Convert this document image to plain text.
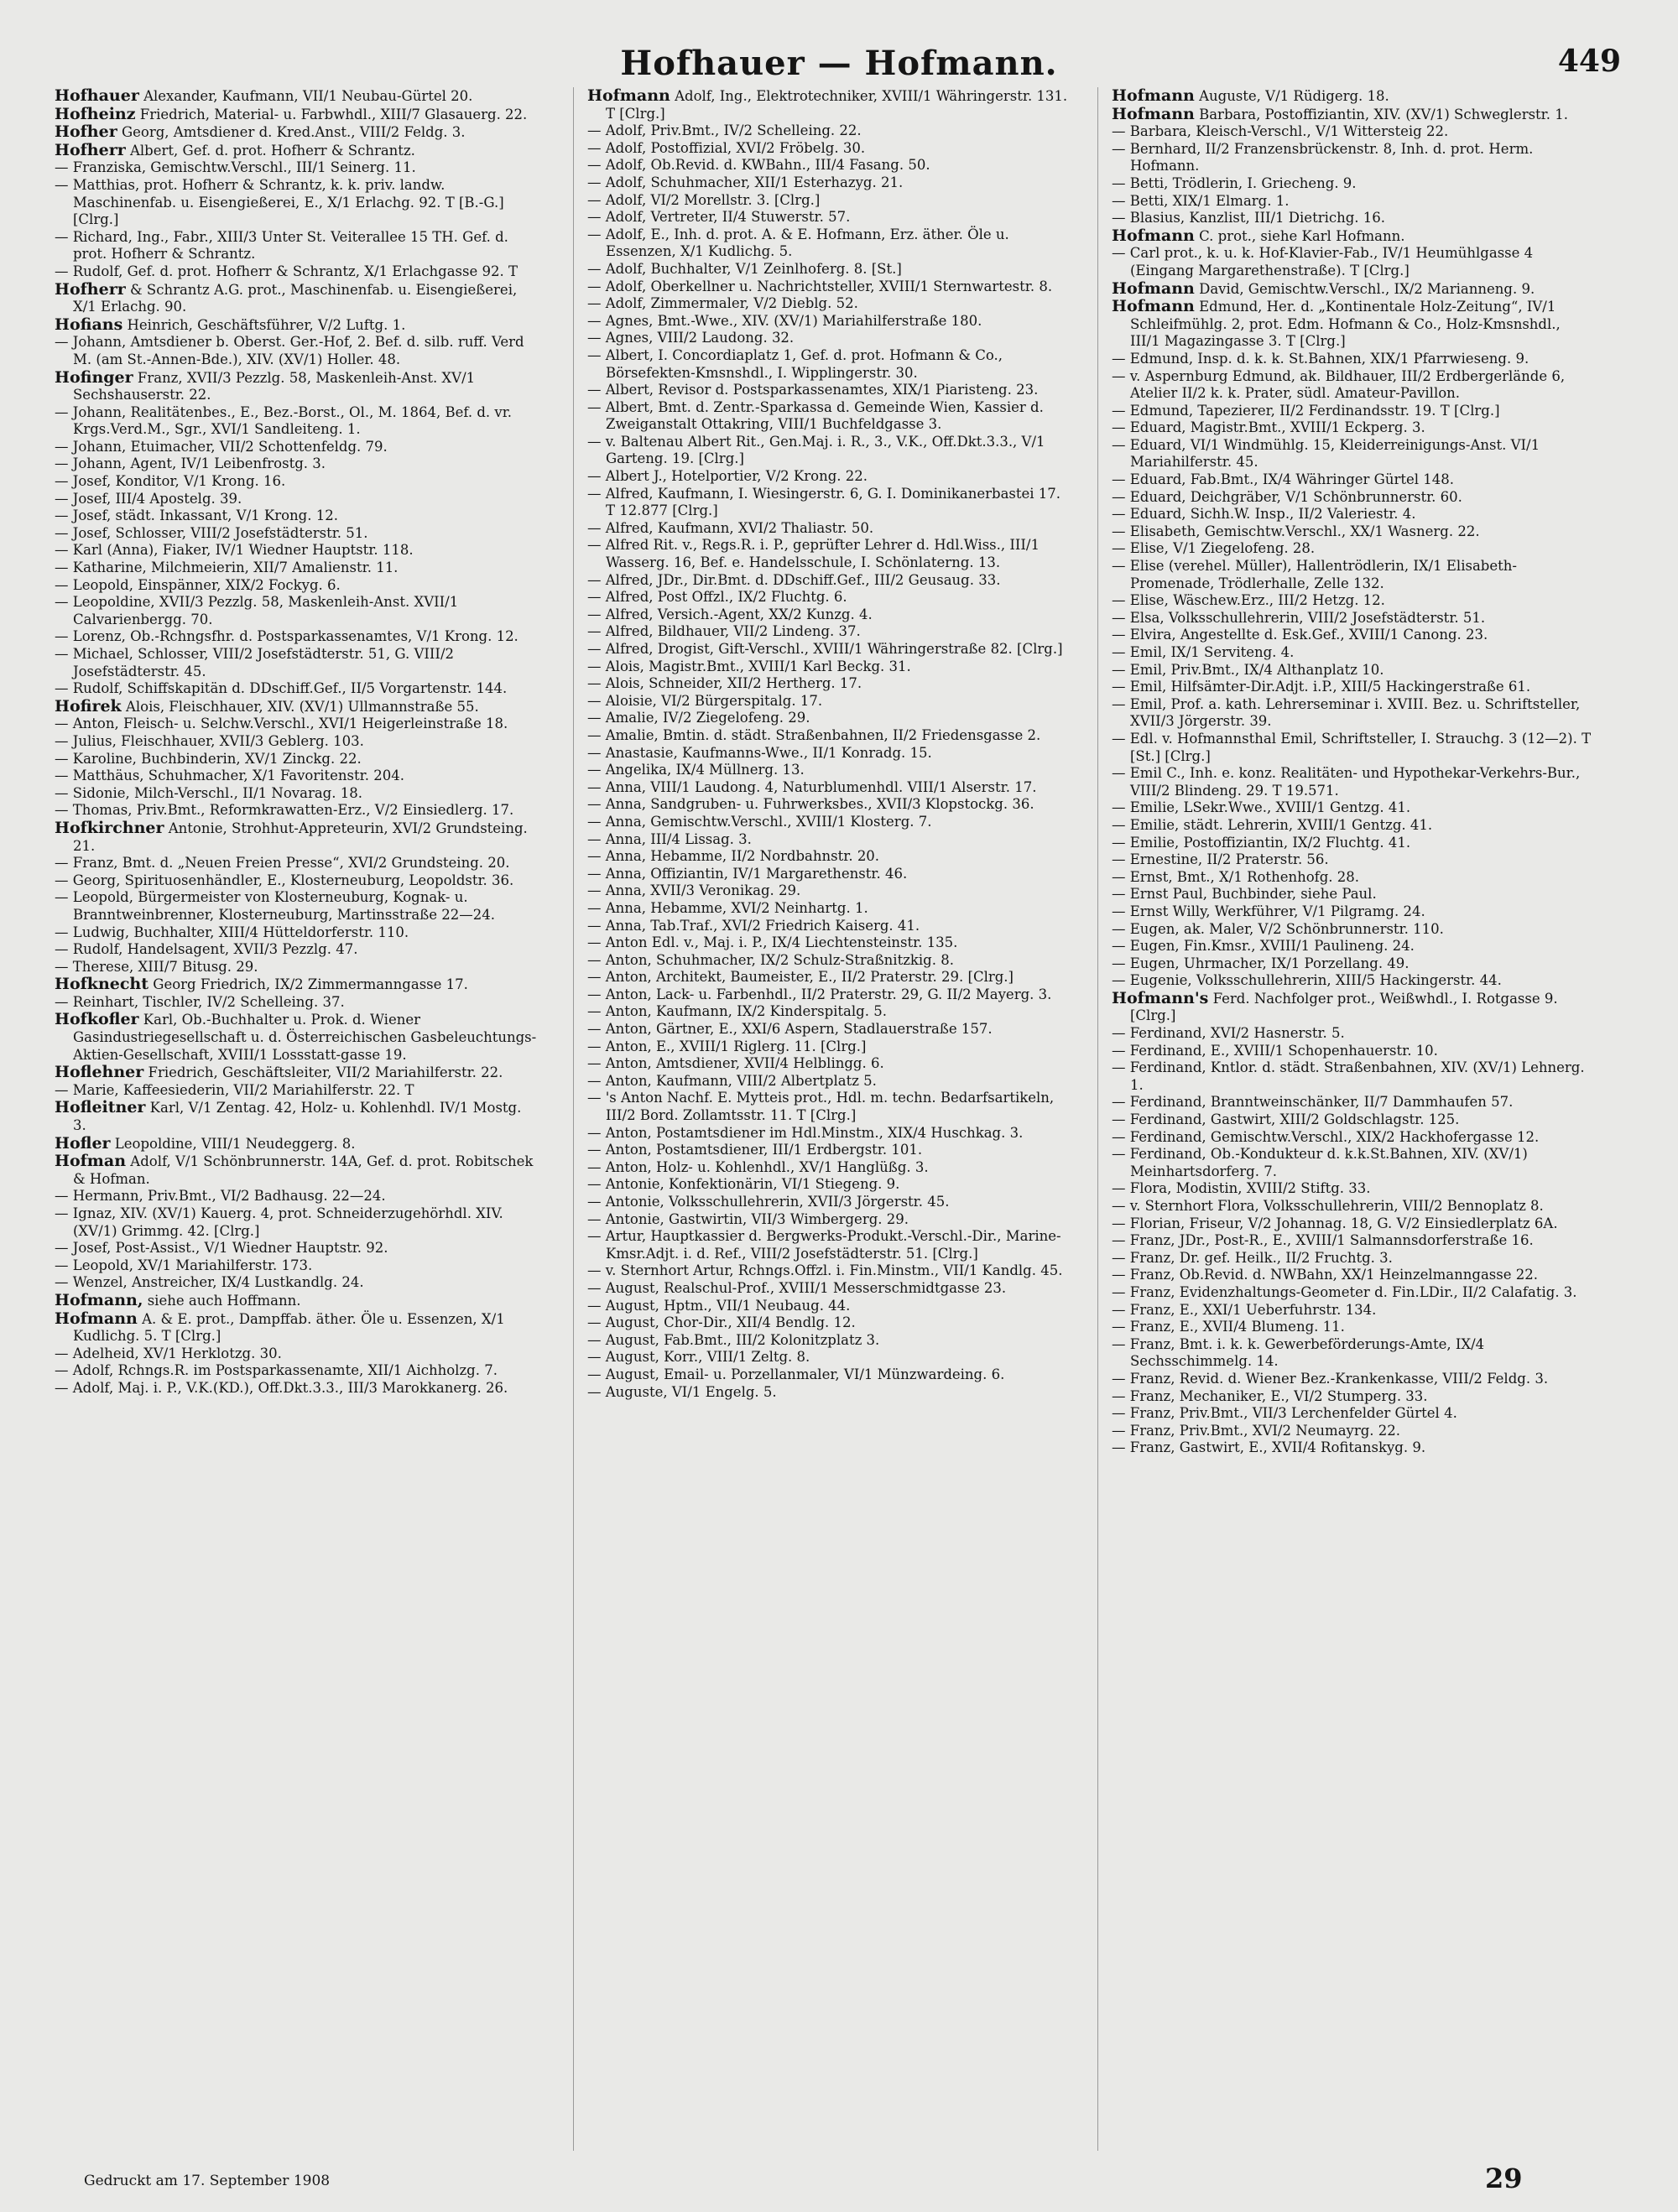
Hofhauer — Hofmann.	449

Hofhauer Alexander, Kaufmann, VII/1 Neubau-Gürtel 20.

Hofheinz Friedrich, Material- u. Farbwhdl., XIII/7 Glasauerg. 22.

Hofher Georg, Amtsdiener d. Kred.Anst., VIII/2 Feldg. 3.

Hofherr Albert, Gef. d. prot. Hofherr & Schrantz.

— Franziska, Gemischtw.Verschl., III/1 Seinerg. 11.

— Matthias, prot. Hofherr & Schrantz, k. k. priv. landw. Maschinenfab. u. Eisengießerei, E., X/1 Erlachg. 92. T [B.-G.] [Clrg.]

— Richard, Ing., Fabr., XIII/3 Unter St. Veiterallee 15 TH. Gef. d. prot. Hofherr & Schrantz.

— Rudolf, Gef. d. prot. Hofherr & Schrantz, X/1 Erlachgasse 92. T

Hofherr & Schrantz A.G. prot., Maschinenfab. u. Eisengießerei, X/1 Erlachg. 90.

Hofians Heinrich, Geschäftsführer, V/2 Luftg. 1.

— Johann, Amtsdiener b. Oberst. Ger.-Hof, 2. Bef. d. silb. ruff. Verd M. (am St.-Annen-Bde.), XIV. (XV/1) Holler. 48.

Hofinger Franz, XVII/3 Pezzlg. 58, Maskenleih-Anst. XV/1 Sechshauserstr. 22.

— Johann, Realitätenbes., E., Bez.-Borst., Ol., M. 1864, Bef. d. vr. Krgs.Verd.M., Sgr., XVI/1 Sandleiteng. 1.

— Johann, Etuimacher, VII/2 Schottenfeldg. 79.

— Johann, Agent, IV/1 Leibenfrostg. 3.

— Josef, Konditor, V/1 Krong. 16.

— Josef, III/4 Apostelg. 39.

— Josef, städt. Inkassant, V/1 Krong. 12.

— Josef, Schlosser, VIII/2 Josefstädterstr. 51.

— Karl (Anna), Fiaker, IV/1 Wiedner Hauptstr. 118.

— Katharine, Milchmeierin, XII/7 Amalienstr. 11.

— Leopold, Einspänner, XIX/2 Fockyg. 6.

— Leopoldine, XVII/3 Pezzlg. 58, Maskenleih-Anst. XVII/1 Calvarienbergg. 70.

— Lorenz, Ob.-Rchngsfhr. d. Postsparkassenamtes, V/1 Krong. 12.

— Michael, Schlosser, VIII/2 Josefstädterstr. 51, G. VIII/2 Josefstädterstr. 45.

— Rudolf, Schiffskapitän d. DDschiff.Gef., II/5 Vorgartenstr. 144.

Hofirek Alois, Fleischhauer, XIV. (XV/1) Ullmannstraße 55.

— Anton, Fleisch- u. Selchw.Verschl., XVI/1 Heigerleinstraße 18.

— Julius, Fleischhauer, XVII/3 Geblerg. 103.

— Karoline, Buchbinderin, XV/1 Zinckg. 22.

— Matthäus, Schuhmacher, X/1 Favoritenstr. 204.

— Sidonie, Milch-Verschl., II/1 Novarag. 18.

— Thomas, Priv.Bmt., Reformkrawatten-Erz., V/2 Einsiedlerg. 17.

Hofkirchner Antonie, Strohhut-Appreteurin, XVI/2 Grundsteing. 21.

— Franz, Bmt. d. „Neuen Freien Presse“, XVI/2 Grundsteing. 20.

— Georg, Spirituosenhändler, E., Klosterneuburg, Leopoldstr. 36.

— Leopold, Bürgermeister von Klosterneuburg, Kognak- u. Branntweinbrenner, Klosterneuburg, Martinsstraße 22—24.

— Ludwig, Buchhalter, XIII/4 Hütteldorferstr. 110.

— Rudolf, Handelsagent, XVII/3 Pezzlg. 47.

— Therese, XIII/7 Bitusg. 29.

Hofknecht Georg Friedrich, IX/2 Zimmermanngasse 17.

— Reinhart, Tischler, IV/2 Schelleing. 37.

Hofkofler Karl, Ob.-Buchhalter u. Prok. d. Wiener Gasindustriegesellschaft u. d. Österreichischen Gasbeleuchtungs-Aktien-Gesellschaft, XVIII/1 Lossstatt-gasse 19.

Hoflehner Friedrich, Geschäftsleiter, VII/2 Mariahilferstr. 22.

— Marie, Kaffeesiederin, VII/2 Mariahilferstr. 22. T

Hofleitner Karl, V/1 Zentag. 42, Holz- u. Kohlenhdl. IV/1 Mostg. 3.

Hofler Leopoldine, VIII/1 Neudeggerg. 8.

Hofman Adolf, V/1 Schönbrunnerstr. 14A, Gef. d. prot. Robitschek & Hofman.

— Hermann, Priv.Bmt., VI/2 Badhausg. 22—24.

— Ignaz, XIV. (XV/1) Kauerg. 4, prot. Schneiderzugehörhdl. XIV. (XV/1) Grimmg. 42. [Clrg.]

— Josef, Post-Assist., V/1 Wiedner Hauptstr. 92.

— Leopold, XV/1 Mariahilferstr. 173.

— Wenzel, Anstreicher, IX/4 Lustkandlg. 24.

Hofmann, siehe auch Hoffmann.

Hofmann A. & E. prot., Dampffab. äther. Öle u. Essenzen, X/1 Kudlichg. 5. T [Clrg.]

— Adelheid, XV/1 Herklotzg. 30.

— Adolf, Rchngs.R. im Postsparkassenamte, XII/1 Aichholzg. 7.

— Adolf, Maj. i. P., V.K.(KD.), Off.Dkt.3.3., III/3 Marokkanerg. 26.

Hofmann Adolf, Ing., Elektrotechniker, XVIII/1 Währingerstr. 131. T [Clrg.]

— Adolf, Priv.Bmt., IV/2 Schelleing. 22.

— Adolf, Postoffizial, XVI/2 Fröbelg. 30.

— Adolf, Ob.Revid. d. KWBahn., III/4 Fasang. 50.

— Adolf, Schuhmacher, XII/1 Esterhazyg. 21.

— Adolf, VI/2 Morellstr. 3. [Clrg.]

— Adolf, Vertreter, II/4 Stuwerstr. 57.

— Adolf, E., Inh. d. prot. A. & E. Hofmann, Erz. äther. Öle u. Essenzen, X/1 Kudlichg. 5.

— Adolf, Buchhalter, V/1 Zeinlhoferg. 8. [St.]

— Adolf, Oberkellner u. Nachrichtsteller, XVIII/1 Sternwartestr. 8.

— Adolf, Zimmermaler, V/2 Dieblg. 52.

— Agnes, Bmt.-Wwe., XIV. (XV/1) Mariahilferstraße 180.

— Agnes, VIII/2 Laudong. 32.

— Albert, I. Concordiaplatz 1, Gef. d. prot. Hofmann & Co., Börsefekten-Kmsnshdl., I. Wipplingerstr. 30.

— Albert, Revisor d. Postsparkassenamtes, XIX/1 Piaristeng. 23.

— Albert, Bmt. d. Zentr.-Sparkassa d. Gemeinde Wien, Kassier d. Zweiganstalt Ottakring, VIII/1 Buchfeldgasse 3.

— v. Baltenau Albert Rit., Gen.Maj. i. R., 3., V.K., Off.Dkt.3.3., V/1 Garteng. 19. [Clrg.]

— Albert J., Hotelportier, V/2 Krong. 22.

— Alfred, Kaufmann, I. Wiesingerstr. 6, G. I. Dominikanerbastei 17. T 12.877 [Clrg.]

— Alfred, Kaufmann, XVI/2 Thaliastr. 50.

— Alfred Rit. v., Regs.R. i. P., geprüfter Lehrer d. Hdl.Wiss., III/1 Wasserg. 16, Bef. e. Handelsschule, I. Schönlaterng. 13.

— Alfred, JDr., Dir.Bmt. d. DDschiff.Gef., III/2 Geusaug. 33.

— Alfred, Post Offzl., IX/2 Fluchtg. 6.

— Alfred, Versich.-Agent, XX/2 Kunzg. 4.

— Alfred, Bildhauer, VII/2 Lindeng. 37.

— Alfred, Drogist, Gift-Verschl., XVIII/1 Währingerstraße 82. [Clrg.]

— Alois, Magistr.Bmt., XVIII/1 Karl Beckg. 31.

— Alois, Schneider, XII/2 Hertherg. 17.

— Aloisie, VI/2 Bürgerspitalg. 17.

— Amalie, IV/2 Ziegelofeng. 29.

— Amalie, Bmtin. d. städt. Straßenbahnen, II/2 Friedensgasse 2.

— Anastasie, Kaufmanns-Wwe., II/1 Konradg. 15.

— Angelika, IX/4 Müllnerg. 13.

— Anna, VIII/1 Laudong. 4, Naturblumenhdl. VIII/1 Alserstr. 17.

— Anna, Sandgruben- u. Fuhrwerksbes., XVII/3 Klopstockg. 36.

— Anna, Gemischtw.Verschl., XVIII/1 Klosterg. 7.

— Anna, III/4 Lissag. 3.

— Anna, Hebamme, II/2 Nordbahnstr. 20.

— Anna, Offiziantin, IV/1 Margarethenstr. 46.

— Anna, XVII/3 Veronikag. 29.

— Anna, Hebamme, XVI/2 Neinhartg. 1.

— Anna, Tab.Traf., XVI/2 Friedrich Kaiserg. 41.

— Anton Edl. v., Maj. i. P., IX/4 Liechtensteinstr. 135.

— Anton, Schuhmacher, IX/2 Schulz-Straßnitzkig. 8.

— Anton, Architekt, Baumeister, E., II/2 Praterstr. 29. [Clrg.]

— Anton, Lack- u. Farbenhdl., II/2 Praterstr. 29, G. II/2 Mayerg. 3.

— Anton, Kaufmann, IX/2 Kinderspitalg. 5.

— Anton, Gärtner, E., XXI/6 Aspern, Stadlauerstraße 157.

— Anton, E., XVIII/1 Riglerg. 11. [Clrg.]

— Anton, Amtsdiener, XVII/4 Helblingg. 6.

— Anton, Kaufmann, VIII/2 Albertplatz 5.

— 's Anton Nachf. E. Mytteis prot., Hdl. m. techn. Bedarfsartikeln, III/2 Bord. Zollamtsstr. 11. T [Clrg.]

— Anton, Postamtsdiener im Hdl.Minstm., XIX/4 Huschkag. 3.

— Anton, Postamtsdiener, III/1 Erdbergstr. 101.

— Anton, Holz- u. Kohlenhdl., XV/1 Hanglüßg. 3.

— Antonie, Konfektionärin, VI/1 Stiegeng. 9.

— Antonie, Volksschullehrerin, XVII/3 Jörgerstr. 45.

— Antonie, Gastwirtin, VII/3 Wimbergerg. 29.

— Artur, Hauptkassier d. Bergwerks-Produkt.-Verschl.-Dir., Marine-Kmsr.Adjt. i. d. Ref., VIII/2 Josefstädterstr. 51. [Clrg.]

— v. Sternhort Artur, Rchngs.Offzl. i. Fin.Minstm., VII/1 Kandlg. 45.

— August, Realschul-Prof., XVIII/1 Messerschmidtgasse 23.

— August, Hptm., VII/1 Neubaug. 44.

— August, Chor-Dir., XII/4 Bendlg. 12.

— August, Fab.Bmt., III/2 Kolonitzplatz 3.

— August, Korr., VIII/1 Zeltg. 8.

— August, Email- u. Porzellanmaler, VI/1 Münzwardeing. 6.

— Auguste, VI/1 Engelg. 5.

Hofmann Auguste, V/1 Rüdigerg. 18.

Hofmann Barbara, Postoffiziantin, XIV. (XV/1) Schweglerstr. 1.

— Barbara, Kleisch-Verschl., V/1 Wittersteig 22.

— Bernhard, II/2 Franzensbrückenstr. 8, Inh. d. prot. Herm. Hofmann.

— Betti, Trödlerin, I. Griecheng. 9.

— Betti, XIX/1 Elmarg. 1.

— Blasius, Kanzlist, III/1 Dietrichg. 16.

Hofmann C. prot., siehe Karl Hofmann.

— Carl prot., k. u. k. Hof-Klavier-Fab., IV/1 Heumühlgasse 4 (Eingang Margarethenstraße). T [Clrg.]

Hofmann David, Gemischtw.Verschl., IX/2 Marianneng. 9.

Hofmann Edmund, Her. d. „Kontinentale Holz-Zeitung“, IV/1 Schleifmühlg. 2, prot. Edm. Hofmann & Co., Holz-Kmsnshdl., III/1 Magazingasse 3. T [Clrg.]

— Edmund, Insp. d. k. k. St.Bahnen, XIX/1 Pfarrwieseng. 9.

— v. Aspernburg Edmund, ak. Bildhauer, III/2 Erdbergerlände 6, Atelier II/2 k. k. Prater, südl. Amateur-Pavillon.

— Edmund, Tapezierer, II/2 Ferdinandsstr. 19. T [Clrg.]

— Eduard, Magistr.Bmt., XVIII/1 Eckperg. 3.

— Eduard, VI/1 Windmühlg. 15, Kleiderreinigungs-Anst. VI/1 Mariahilferstr. 45.

— Eduard, Fab.Bmt., IX/4 Währinger Gürtel 148.

— Eduard, Deichgräber, V/1 Schönbrunnerstr. 60.

— Eduard, Sichh.W. Insp., II/2 Valeriestr. 4.

— Elisabeth, Gemischtw.Verschl., XX/1 Wasnerg. 22.

— Elise, V/1 Ziegelofeng. 28.

— Elise (verehel. Müller), Hallentrödlerin, IX/1 Elisabeth-Promenade, Trödlerhalle, Zelle 132.

— Elise, Wäschew.Erz., III/2 Hetzg. 12.

— Elsa, Volksschullehrerin, VIII/2 Josefstädterstr. 51.

— Elvira, Angestellte d. Esk.Gef., XVIII/1 Canong. 23.

— Emil, IX/1 Serviteng. 4.

— Emil, Priv.Bmt., IX/4 Althanplatz 10.

— Emil, Hilfsämter-Dir.Adjt. i.P., XIII/5 Hackingerstraße 61.

— Emil, Prof. a. kath. Lehrerseminar i. XVIII. Bez. u. Schriftsteller, XVII/3 Jörgerstr. 39.

— Edl. v. Hofmannsthal Emil, Schriftsteller, I. Strauchg. 3 (12—2). T [St.] [Clrg.]

— Emil C., Inh. e. konz. Realitäten- und Hypothekar-Verkehrs-Bur., VIII/2 Blindeng. 29. T 19.571.

— Emilie, LSekr.Wwe., XVIII/1 Gentzg. 41.

— Emilie, städt. Lehrerin, XVIII/1 Gentzg. 41.

— Emilie, Postoffiziantin, IX/2 Fluchtg. 41.

— Ernestine, II/2 Praterstr. 56.

— Ernst, Bmt., X/1 Rothenhofg. 28.

— Ernst Paul, Buchbinder, siehe Paul.

— Ernst Willy, Werkführer, V/1 Pilgramg. 24.

— Eugen, ak. Maler, V/2 Schönbrunnerstr. 110.

— Eugen, Fin.Kmsr., XVIII/1 Paulineng. 24.

— Eugen, Uhrmacher, IX/1 Porzellang. 49.

— Eugenie, Volksschullehrerin, XIII/5 Hackingerstr. 44.

Hofmann's Ferd. Nachfolger prot., Weißwhdl., I. Rotgasse 9. [Clrg.]

— Ferdinand, XVI/2 Hasnerstr. 5.

— Ferdinand, E., XVIII/1 Schopenhauerstr. 10.

— Ferdinand, Kntlor. d. städt. Straßenbahnen, XIV. (XV/1) Lehnerg. 1.

— Ferdinand, Branntweinschänker, II/7 Dammhaufen 57.

— Ferdinand, Gastwirt, XIII/2 Goldschlagstr. 125.

— Ferdinand, Gemischtw.Verschl., XIX/2 Hackhofergasse 12.

— Ferdinand, Ob.-Kondukteur d. k.k.St.Bahnen, XIV. (XV/1) Meinhartsdorferg. 7.

— Flora, Modistin, XVIII/2 Stiftg. 33.

— v. Sternhort Flora, Volksschullehrerin, VIII/2 Bennoplatz 8.

— Florian, Friseur, V/2 Johannag. 18, G. V/2 Einsiedlerplatz 6A.

— Franz, JDr., Post-R., E., XVIII/1 Salmannsdorferstraße 16.

— Franz, Dr. gef. Heilk., II/2 Fruchtg. 3.

— Franz, Ob.Revid. d. NWBahn, XX/1 Heinzelmanngasse 22.

— Franz, Evidenzhaltungs-Geometer d. Fin.LDir., II/2 Calafatig. 3.

— Franz, E., XXI/1 Ueberfuhrstr. 134.

— Franz, E., XVII/4 Blumeng. 11.

— Franz, Bmt. i. k. k. Gewerbeförderungs-Amte, IX/4 Sechsschimmelg. 14.

— Franz, Revid. d. Wiener Bez.-Krankenkasse, VIII/2 Feldg. 3.

— Franz, Mechaniker, E., VI/2 Stumperg. 33.

— Franz, Priv.Bmt., VII/3 Lerchenfelder Gürtel 4.

— Franz, Priv.Bmt., XVI/2 Neumayrg. 22.

— Franz, Gastwirt, E., XVII/4 Rofitanskyg. 9.

Gedruckt am 17. September 1908	29
